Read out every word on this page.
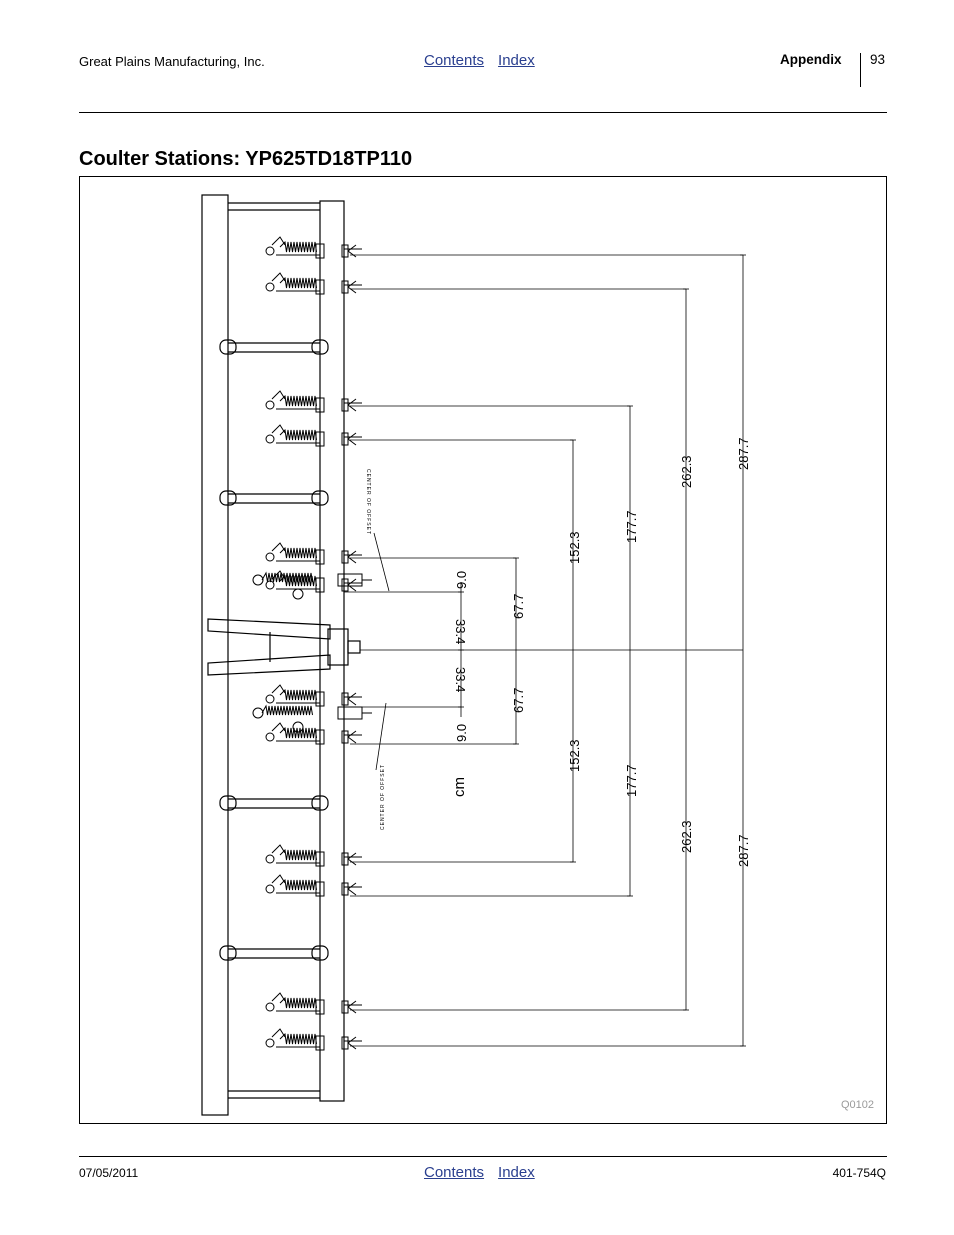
Great Plains Manufacturing, Inc.	Contents Index	Appendix 93
Coulter Stations: YP625TD18TP110
CENTER OF OFFSET
CENTER OF OFFSET
9.0
33.4
67.7
152.3
177.7
262.3
287.7
33.4
9.0
67.7
152.3
177.7
262.3	287.7
cm
Q0102
07/05/2011	Contents Index	401-754Q
